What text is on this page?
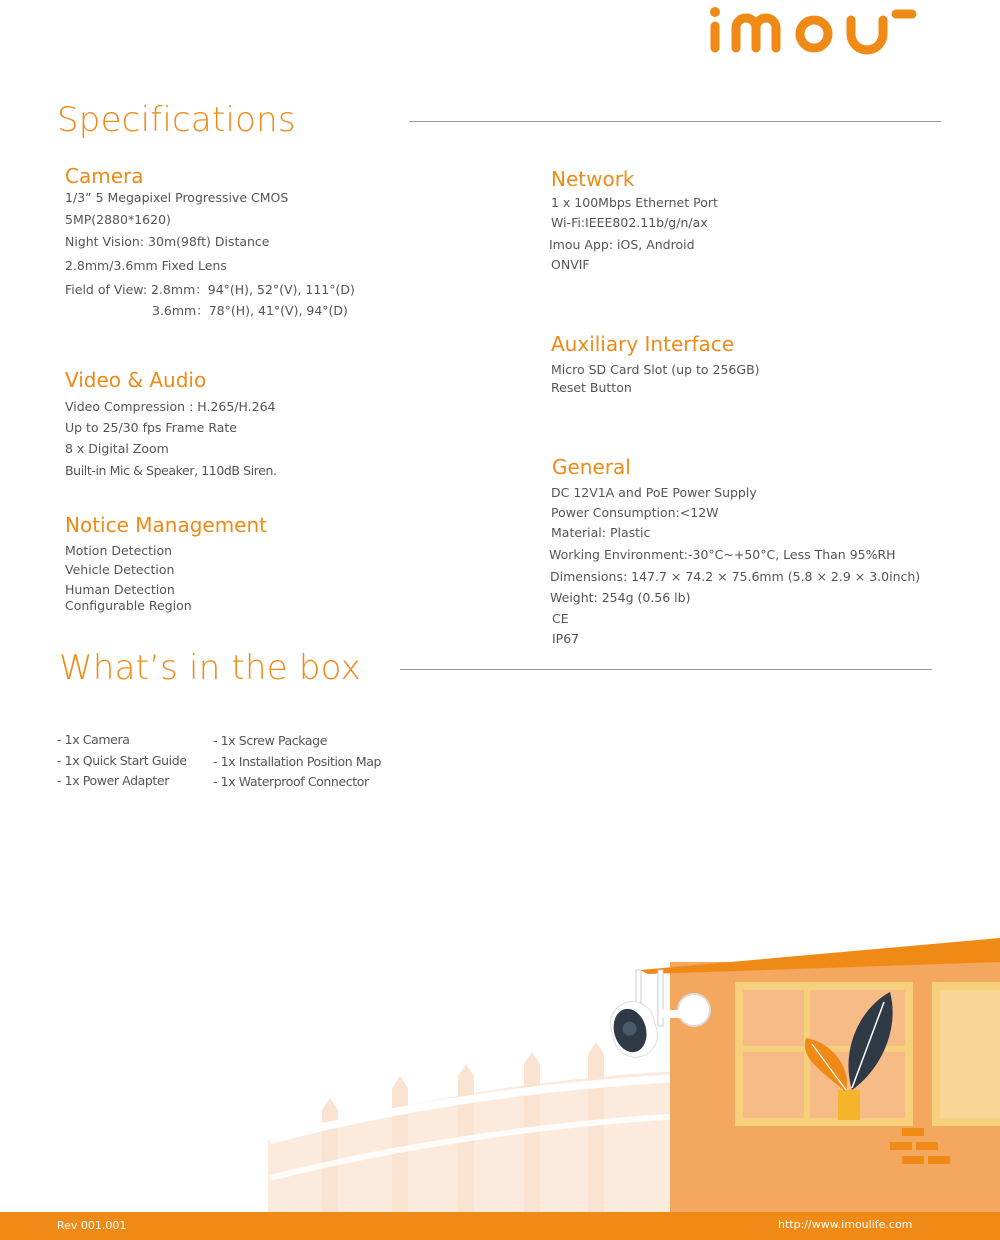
Specifications
Camera
1/3” 5 Megapixel Progressive CMOS
5MP(2880*1620)
Night Vision: 30m(98ft) Distance
2.8mm/3.6mm Fixed Lens
Field of View: 2.8mm：94°(H), 52°(V), 111°(D)
3.6mm：78°(H), 41°(V), 94°(D)
Video & Audio
Video Compression : H.265/H.264
Up to 25/30 fps Frame Rate
8 x Digital Zoom
Built-in Mic & Speaker, 110dB Siren.
Notice Management
Motion Detection
Vehicle Detection
Human Detection
Configurable Region
Network
1 x 100Mbps Ethernet Port
Wi-Fi:IEEE802.11b/g/n/ax
Imou App: iOS, Android
ONVIF
Auxiliary Interface
Micro SD Card Slot (up to 256GB)
Reset Button
General
DC 12V1A and PoE Power Supply
Power Consumption:<12W
Material: Plastic
Working Environment:-30°C~+50°C, Less Than 95%RH
Dimensions: 147.7 × 74.2 × 75.6mm (5.8 × 2.9 × 3.0inch)
Weight: 254g (0.56 lb)
CE
IP67
What’s in the box
- 1x Camera
- 1x Quick Start Guide
- 1x Power Adapter
- 1x Screw Package
- 1x Installation Position Map
- 1x Waterproof Connector
Rev 001.001	http://www.imoulife.com
